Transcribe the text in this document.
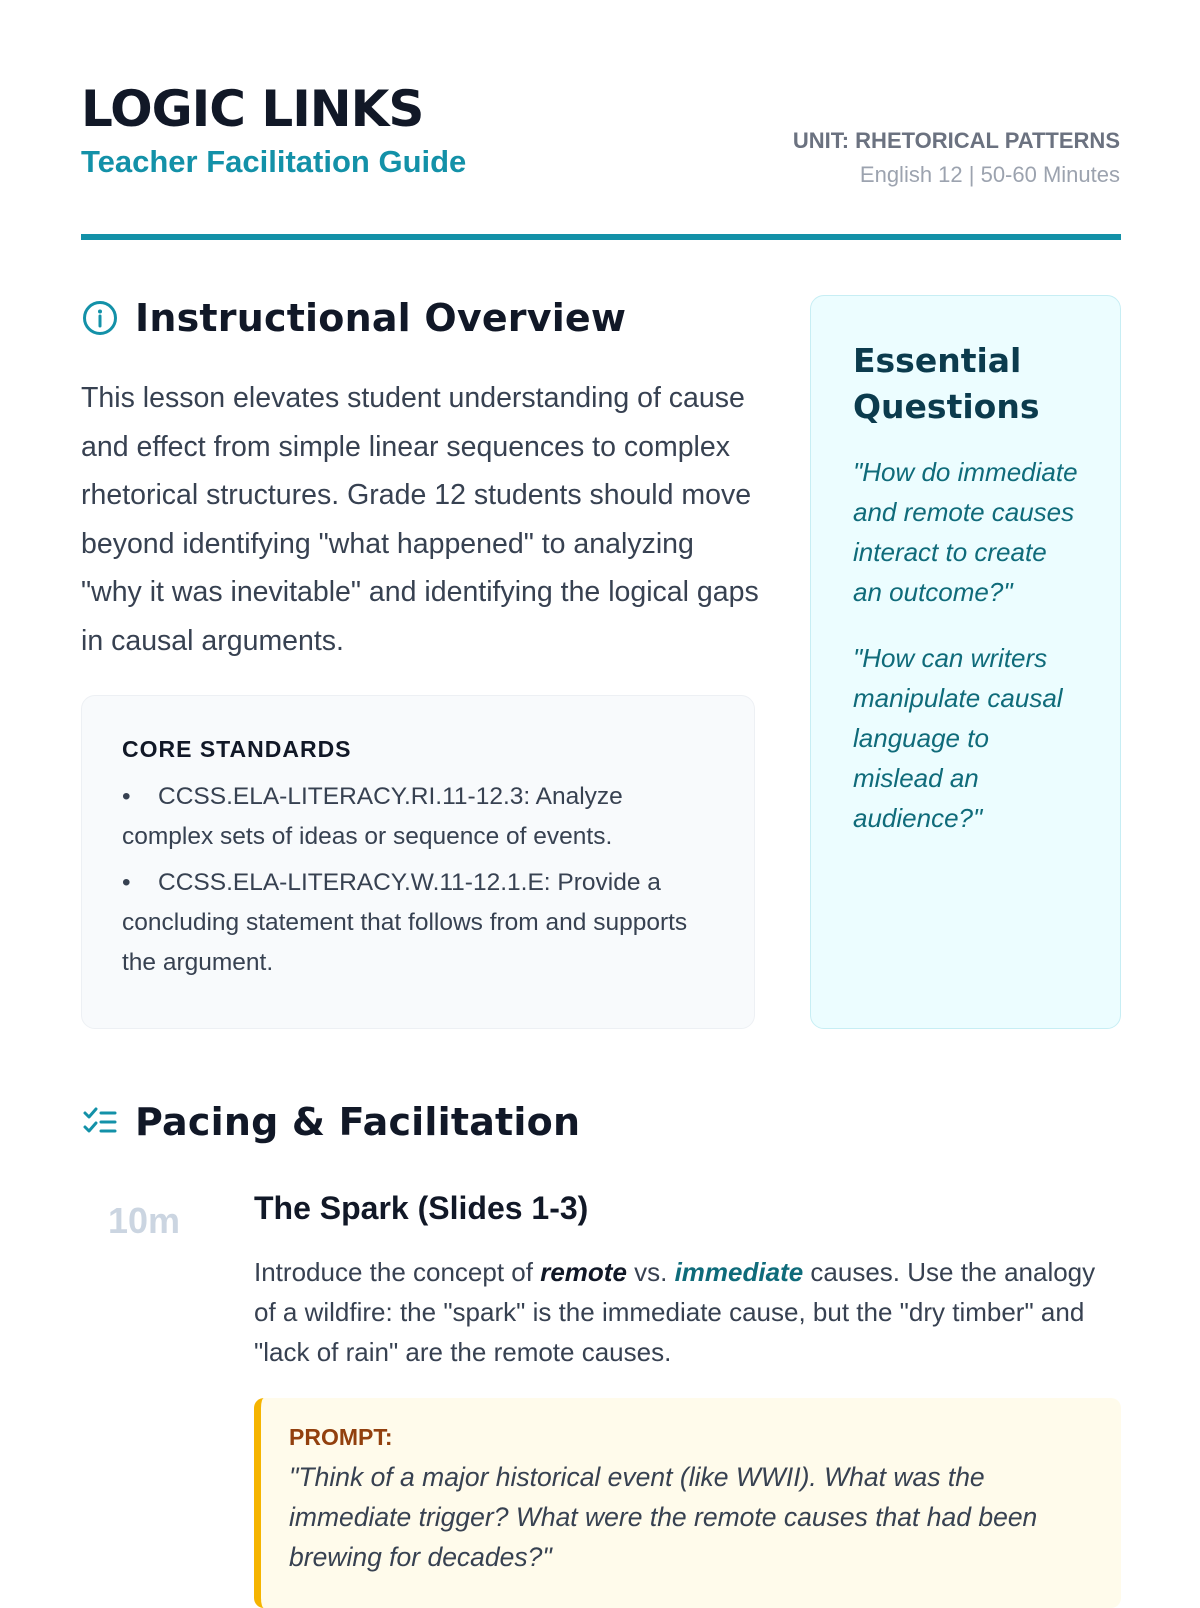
LOGIC LINKS
Teacher Facilitation Guide
UNIT: RHETORICAL PATTERNS
English 12 | 50-60 Minutes
Instructional Overview

This lesson elevates student understanding of cause and effect from simple linear sequences to complex rhetorical structures. Grade 12 students should move beyond identifying "what happened" to analyzing "why it was inevitable" and identifying the logical gaps in causal arguments.

CORE STANDARDS
• CCSS.ELA-LITERACY.RI.11-12.3: Analyze complex sets of ideas or sequence of events.
• CCSS.ELA-LITERACY.W.11-12.1.E: Provide a concluding statement that follows from and supports the argument.
Essential Questions

"How do immediate and remote causes interact to create an outcome?"

"How can writers manipulate causal language to mislead an audience?"

Pacing & Facilitation
10m The Spark (Slides 1-3)

Introduce the concept of remote vs. immediate causes. Use the analogy of a wildfire: the "spark" is the immediate cause, but the "dry timber" and "lack of rain" are the remote causes.

PROMPT:

"Think of a major historical event (like WWII). What was the immediate trigger? What were the remote causes that had been brewing for decades?"
